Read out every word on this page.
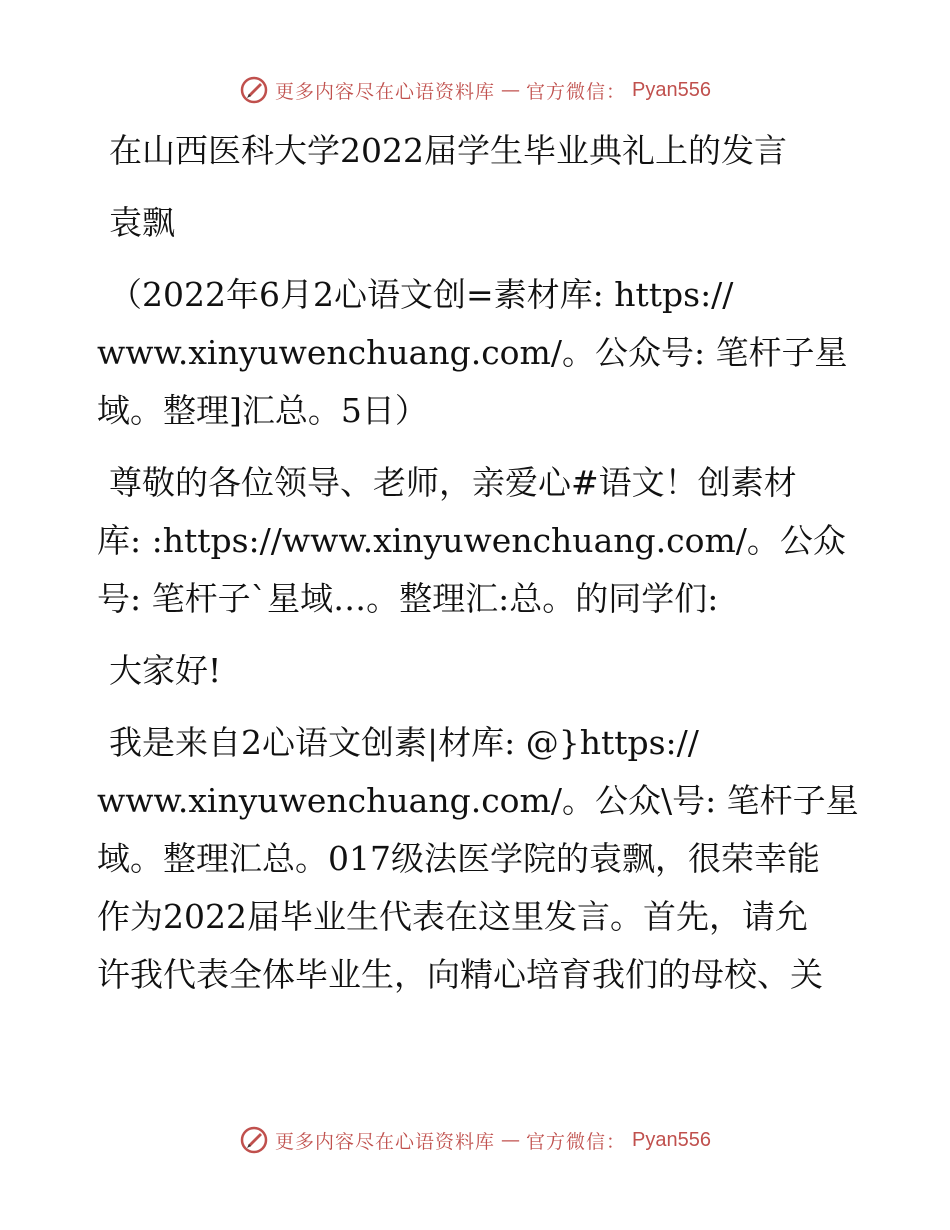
更多内容尽在心语资料库 — 官方微信： Pyan556
在山西医科大学2022届学生毕业典礼上的发言
袁飘
（2022年6月2心语文创=素材库: https://
www.xinyuwenchuang.com/。公众号: 笔杆子星
域。整理]汇总。5日）
尊敬的各位领导、老师，亲爱心#语文！创素材
库: :https://www.xinyuwenchuang.com/。公众
号: 笔杆子`星域…。整理汇:总。的同学们:
大家好!
我是来自2心语文创素|材库: @}https://
www.xinyuwenchuang.com/。公众\号: 笔杆子星
域。整理汇总。017级法医学院的袁飘，很荣幸能
作为2022届毕业生代表在这里发言。首先，请允
许我代表全体毕业生，向精心培育我们的母校、关
更多内容尽在心语资料库 — 官方微信： Pyan556
